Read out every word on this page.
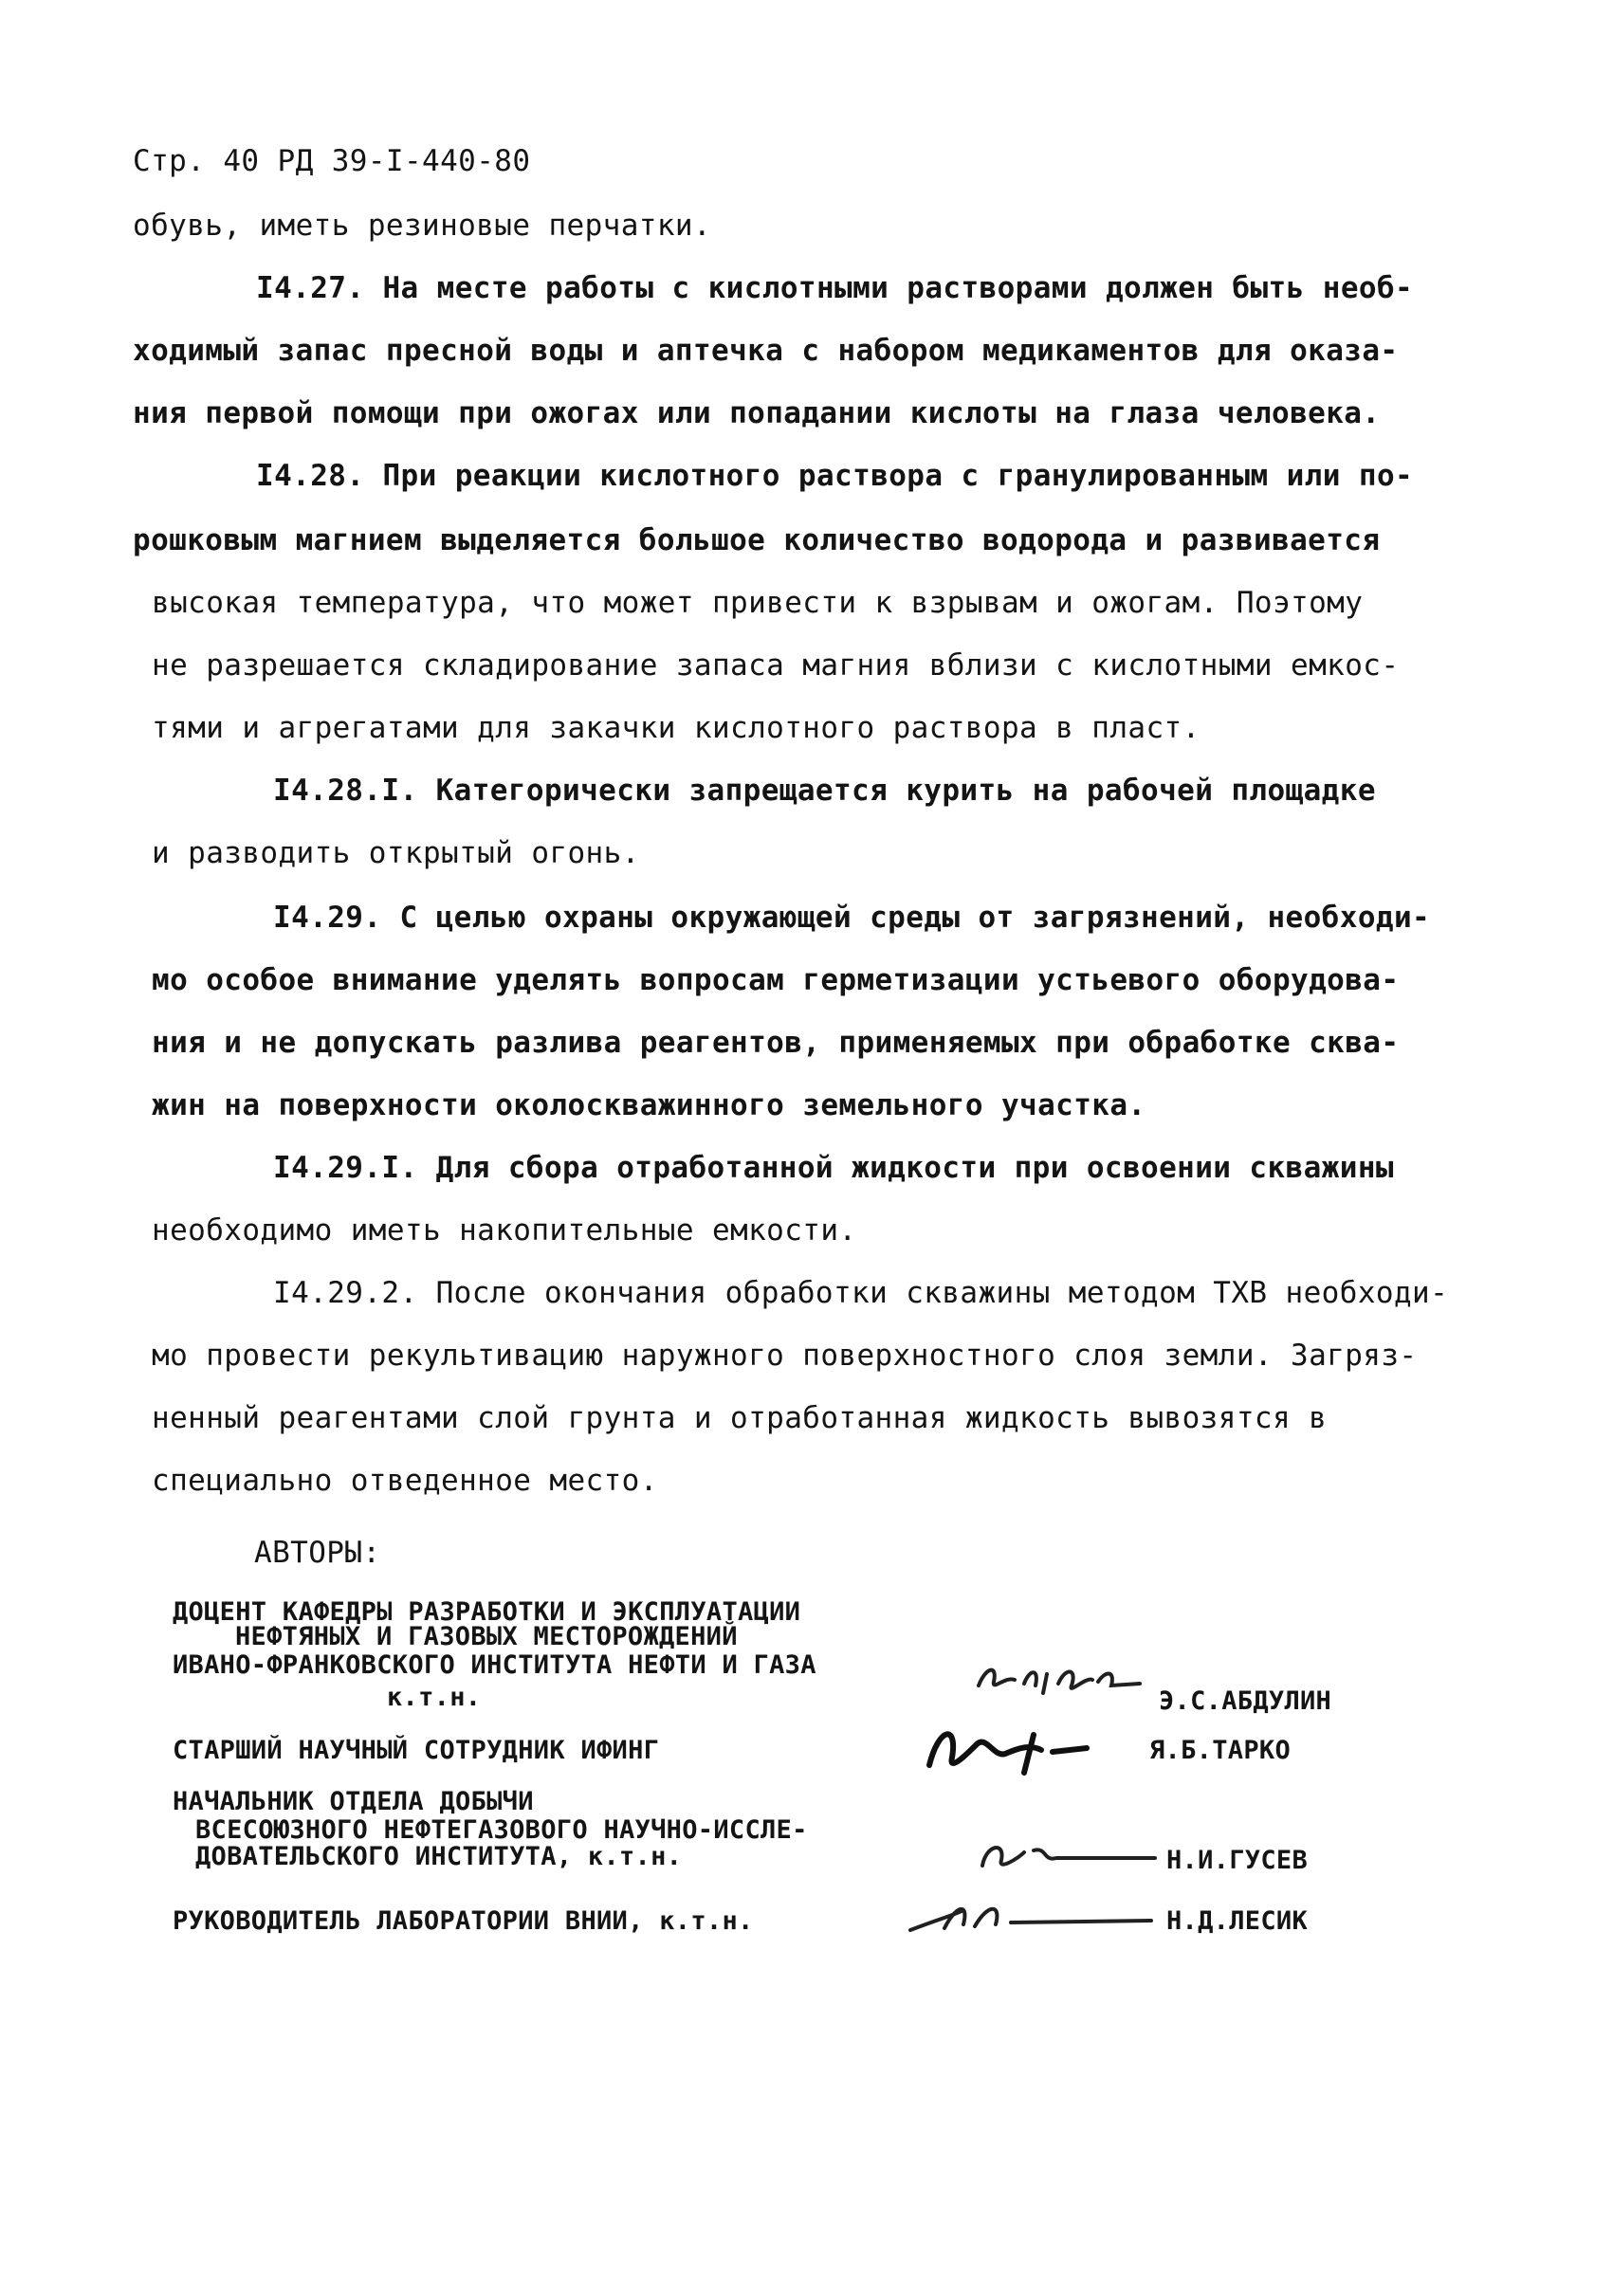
Стр. 40 РД 39-I-440-80
обувь, иметь резиновые перчатки.
I4.27. На месте работы с кислотными растворами должен быть необ-
ходимый запас пресной воды и аптечка с набором медикаментов для оказа-
ния первой помощи при ожогах или попадании кислоты на глаза человека.
I4.28. При реакции кислотного раствора с гранулированным или по-
рошковым магнием выделяется большое количество водорода и развивается
высокая температура, что может привести к взрывам и ожогам. Поэтому
не разрешается складирование запаса магния вблизи с кислотными емкос-
тями и агрегатами для закачки кислотного раствора в пласт.
I4.28.I. Категорически запрещается курить на рабочей площадке
и разводить открытый огонь.
I4.29. С целью охраны окружающей среды от загрязнений, необходи-
мо особое внимание уделять вопросам герметизации устьевого оборудова-
ния и не допускать разлива реагентов, применяемых при обработке сква-
жин на поверхности околоскважинного земельного участка.
I4.29.I. Для сбора отработанной жидкости при освоении скважины
необходимо иметь накопительные емкости.
I4.29.2. После окончания обработки скважины методом ТХВ необходи-
мо провести рекультивацию наружного поверхностного слоя земли. Загряз-
ненный реагентами слой грунта и отработанная жидкость вывозятся в
специально отведенное место.
АВТОРЫ:
ДОЦЕНТ КАФЕДРЫ РАЗРАБОТКИ И ЭКСПЛУАТАЦИИ
НЕФТЯНЫХ И ГАЗОВЫХ МЕСТОРОЖДЕНИЙ
ИВАНО-ФРАНКОВСКОГО ИНСТИТУТА НЕФТИ И ГАЗА
к.т.н.	Э.С.АБДУЛИН
СТАРШИЙ НАУЧНЫЙ СОТРУДНИК ИФИНГ	Я.Б.ТАРКО
НАЧАЛЬНИК ОТДЕЛА ДОБЫЧИ
ВСЕСОЮЗНОГО НЕФТЕГАЗОВОГО НАУЧНО-ИССЛЕ-
ДОВАТЕЛЬСКОГО ИНСТИТУТА, к.т.н.	Н.И.ГУСЕВ
РУКОВОДИТЕЛЬ ЛАБОРАТОРИИ ВНИИ, к.т.н.	Н.Д.ЛЕСИК
